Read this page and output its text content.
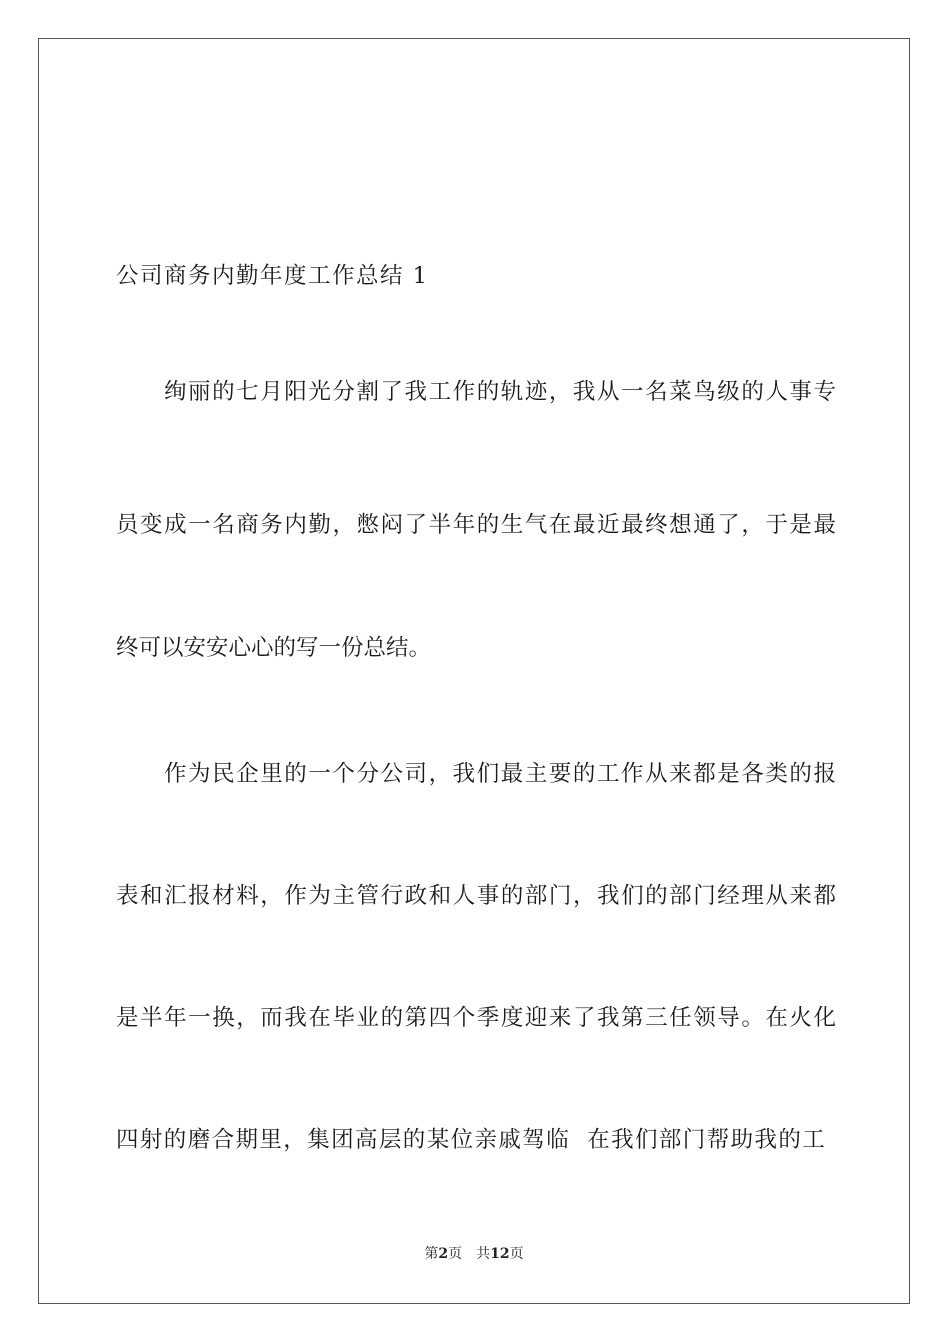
公司商务内勤年度工作总结 1
绚丽的七月阳光分割了我工作的轨迹，我从一名菜鸟级的人事专
员变成一名商务内勤，憋闷了半年的生气在最近最终想通了，于是最
终可以安安心心的写一份总结。
作为民企里的一个分公司，我们最主要的工作从来都是各类的报
表和汇报材料，作为主管行政和人事的部门，我们的部门经理从来都
是半年一换，而我在毕业的第四个季度迎来了我第三任领导。在火化
四射的磨合期里，集团高层的某位亲戚驾临  在我们部门帮助我的工
第2页 共12页
